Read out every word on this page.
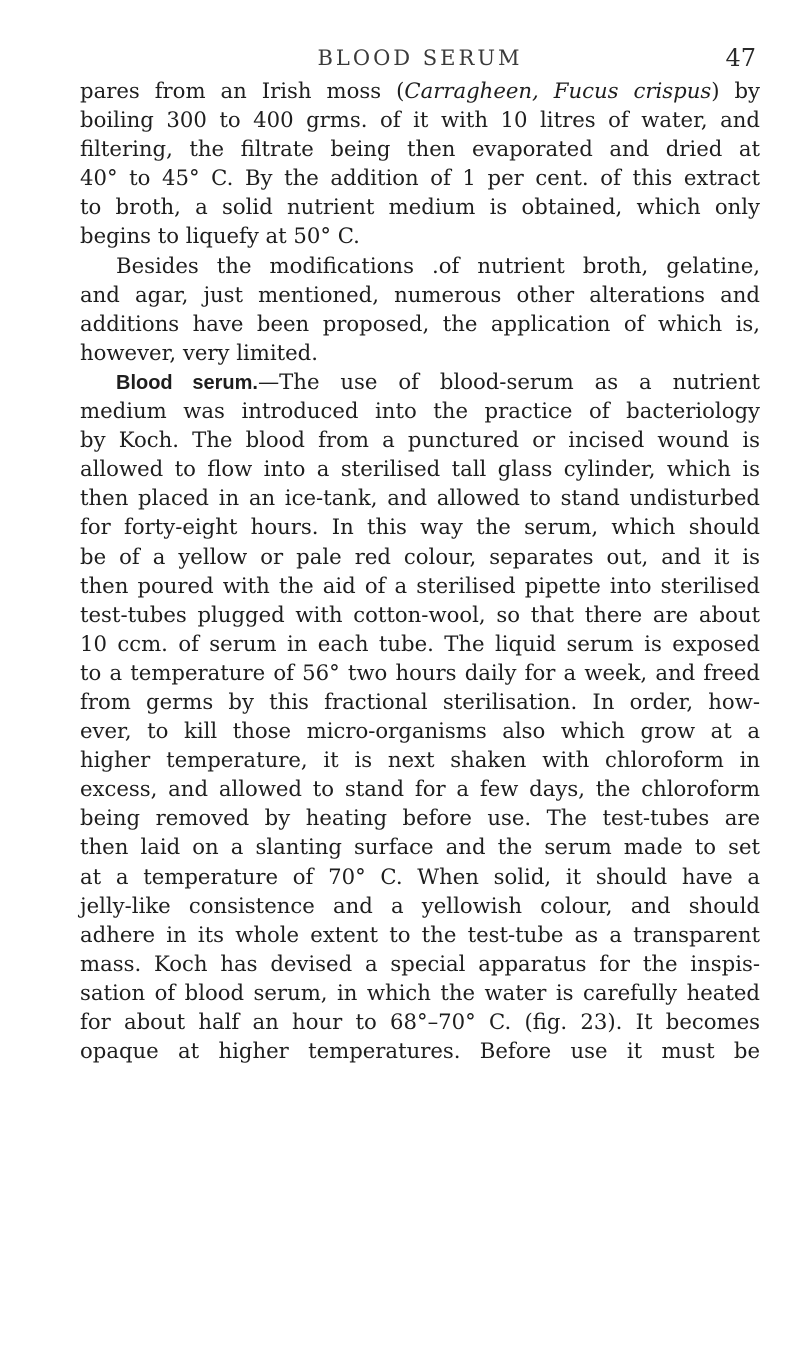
BLOOD SERUM	47
pares from an Irish moss (Carragheen, Fucus crispus) by
boiling 300 to 400 grms. of it with 10 litres of water, and
filtering, the filtrate being then evaporated and dried at
40° to 45° C. By the addition of 1 per cent. of this extract
to broth, a solid nutrient medium is obtained, which only
begins to liquefy at 50° C.
Besides the modifications .of nutrient broth, gelatine,
and agar, just mentioned, numerous other alterations and
additions have been proposed, the application of which is,
however, very limited.
Blood serum.—The use of blood-serum as a nutrient
medium was introduced into the practice of bacteriology
by Koch. The blood from a punctured or incised wound is
allowed to flow into a sterilised tall glass cylinder, which is
then placed in an ice-tank, and allowed to stand undisturbed
for forty-eight hours. In this way the serum, which should
be of a yellow or pale red colour, separates out, and it is
then poured with the aid of a sterilised pipette into sterilised
test-tubes plugged with cotton-wool, so that there are about
10 ccm. of serum in each tube. The liquid serum is exposed
to a temperature of 56° two hours daily for a week, and freed
from germs by this fractional sterilisation. In order, how-
ever, to kill those micro-organisms also which grow at a
higher temperature, it is next shaken with chloroform in
excess, and allowed to stand for a few days, the chloroform
being removed by heating before use. The test-tubes are
then laid on a slanting surface and the serum made to set
at a temperature of 70° C. When solid, it should have a
jelly-like consistence and a yellowish colour, and should
adhere in its whole extent to the test-tube as a transparent
mass. Koch has devised a special apparatus for the inspis-
sation of blood serum, in which the water is carefully heated
for about half an hour to 68°–70° C. (fig. 23). It becomes
opaque at higher temperatures. Before use it must be
